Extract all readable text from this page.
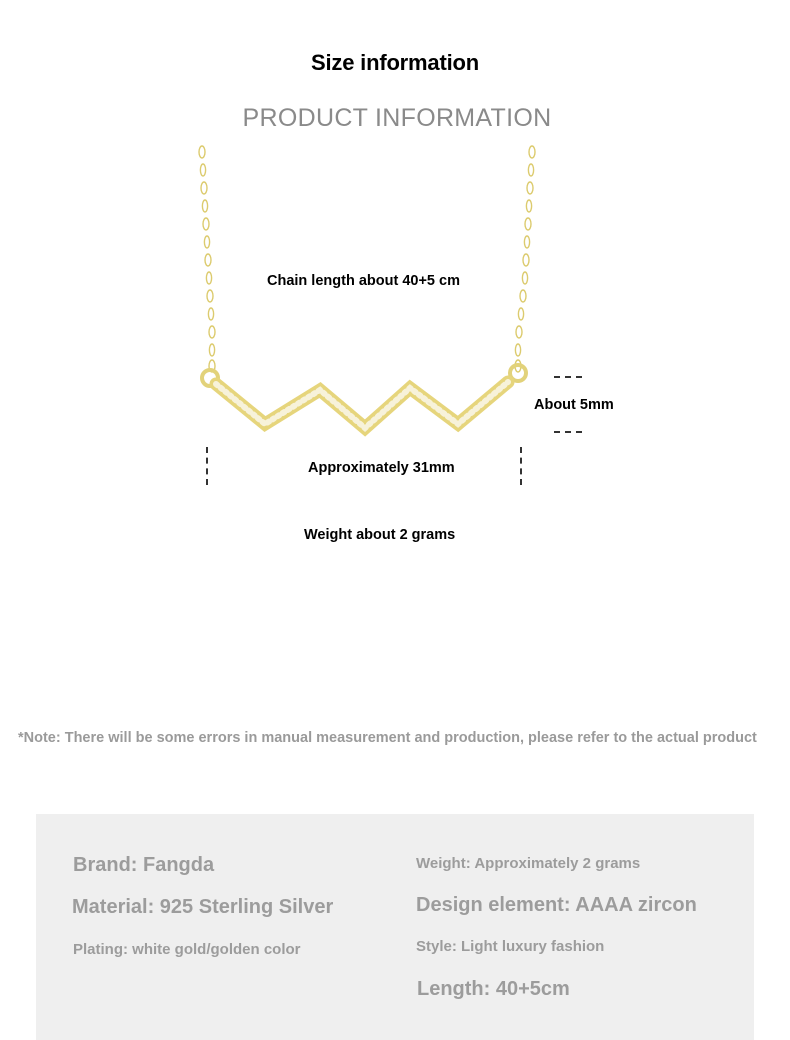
Size information
PRODUCT INFORMATION
Chain length about 40+5 cm
About 5mm
Approximately 31mm
Weight about 2 grams
*Note: There will be some errors in manual measurement and production, please refer to the actual product
Brand: Fangda
Material: 925 Sterling Silver
Plating: white gold/golden color
Weight: Approximately 2 grams
Design element: AAAA zircon
Style: Light luxury fashion
Length: 40+5cm
